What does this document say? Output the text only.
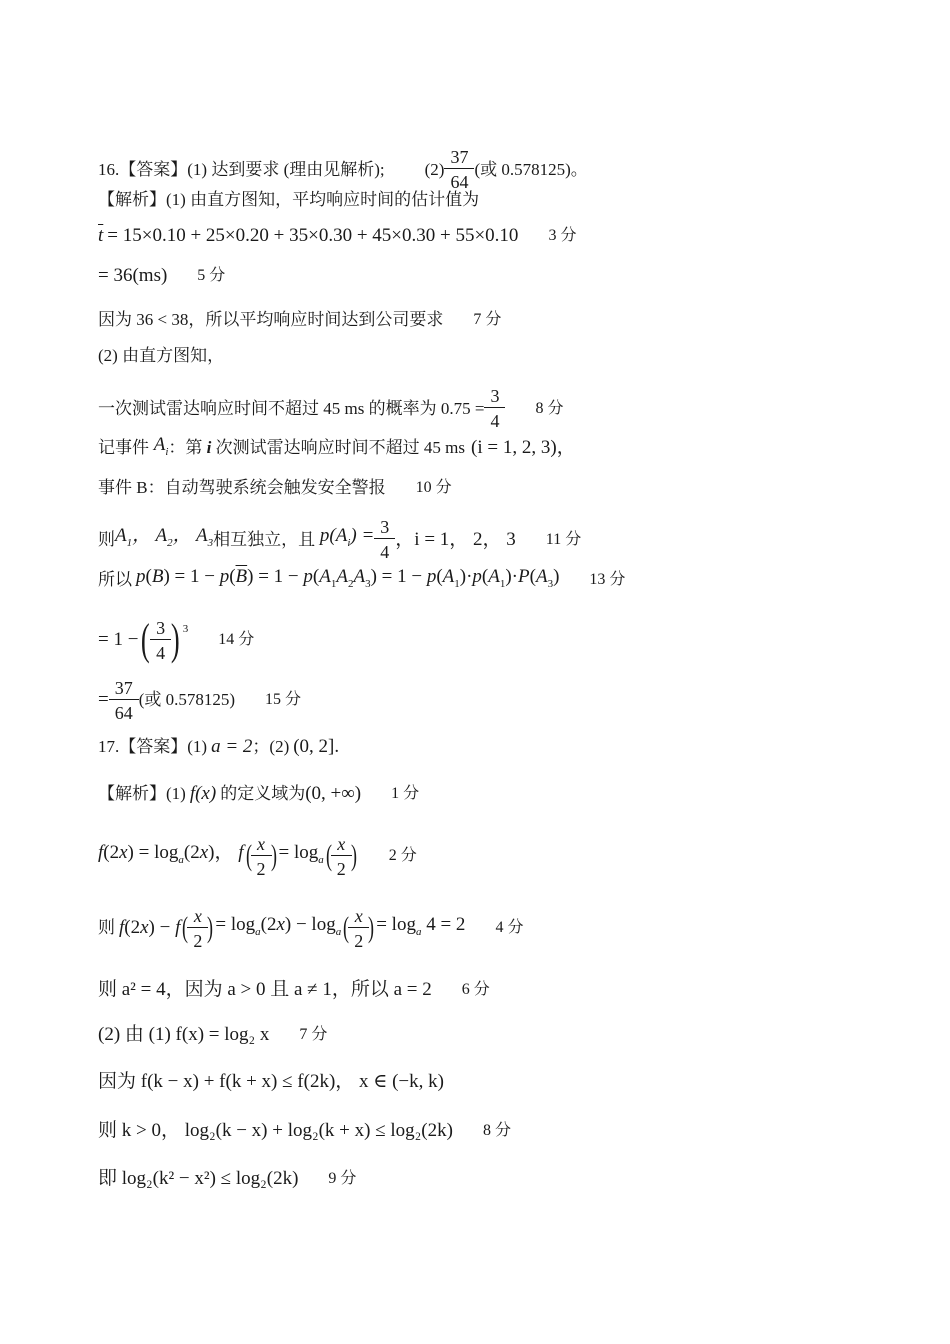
16.【答案】(1) 达到要求 (理由见解析); $(2) \frac{37}{64}$ (或 0.578125)。
【解析】(1) 由直方图知，平均响应时间的估计值为
$\overline{t} = 15\times 0.10 + 25\times 0.20 + 35\times 0.30 + 45\times 0.30 + 55\times 0.10$ 3 分
= 36(ms) 5 分
因为 36 < 38，所以平均响应时间达到公司要求 7 分
(2) 由直方图知，
一次测试雷达响应时间不超过 45 ms 的概率为 $0.75 = \frac{3}{4} 8$ 分
记事件 $A_i$ ：第 i 次测试雷达响应时间不超过 45 ms (i = 1, 2, 3)，
事件 B：自动驾驶系统会触发安全警报 10 分
则 $A_1$， $A_2$， $A_3$ 相互独立，且 $p(A_i) = \frac{3}{4}$ ，i = 1， 2， 3 11 分
所以 $p(B) = 1 - p(\overline{B}) = 1 - p(A_1A_2A_3) = 1 - p(A_1)\cdot p(A_1)\cdot P(A_3)$ 13 分
= 1 − ( $\frac{3}{4}$ ) 3
14 分
= $\frac{37}{64}$ (或 0.578125) 15 分
17.【答案】(1) a = 2 ；(2) (0, 2].
【解析】(1) f(x) 的定义域为 (0, +∞) 1 分
$f(2x) = \log_a(2x)$， f ( $\frac{x}{2}$ ) = $\log_a$ ( $\frac{x}{2}$ ) 2 分
则 f(2x) − f ( $\frac{x}{2}$ ) = $\log_a(2x) - \log_a$ ( $\frac{x}{2}$ ) = $\log_a 4 = 2$ 4 分
则 a² = 4，因为 a > 0 且 a ≠ 1，所以 a = 2 6 分
(2) 由 (1) f(x) = log₂ x 7 分
因为 f(k − x) + f(k + x) ≤ f(2k)， x ∈ (−k, k)
则 k > 0， log₂(k − x) + log₂(k + x) ≤ log₂(2k) 8 分
即 log₂(k² − x²) ≤ log₂(2k) 9 分
